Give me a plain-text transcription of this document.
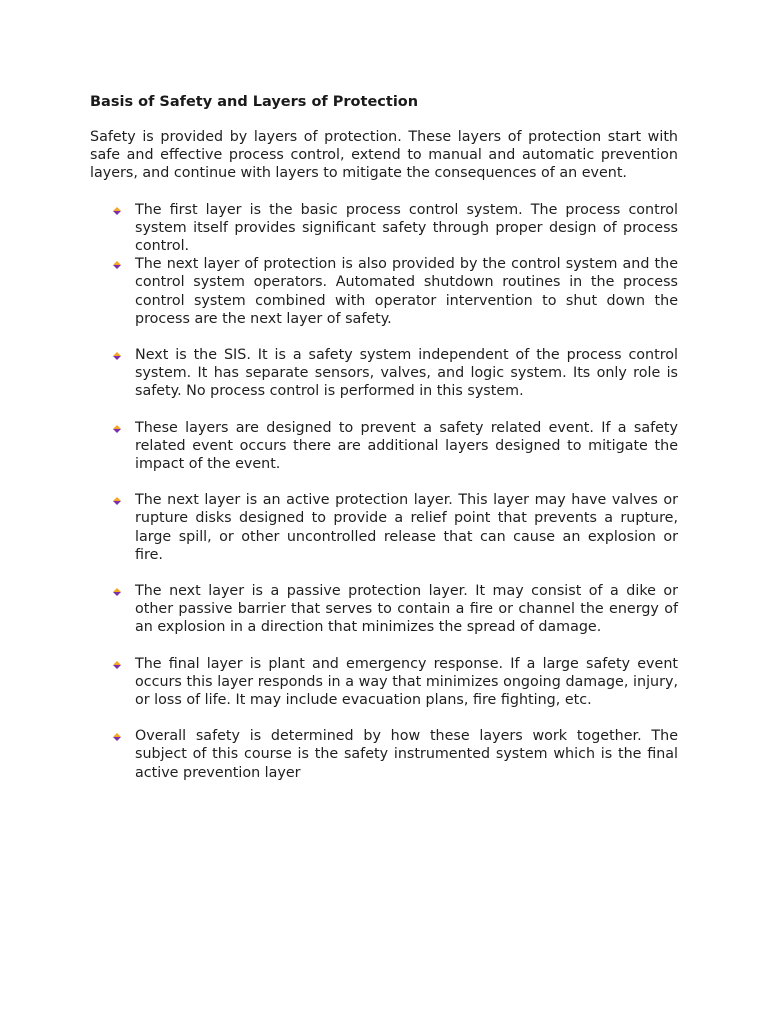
Basis of Safety and Layers of Protection

Safety is provided by layers of protection. These layers of protection start with safe and effective process control, extend to manual and automatic prevention layers, and continue with layers to mitigate the consequences of an event.

The first layer is the basic process control system. The process control system itself provides significant safety through proper design of process control.
The next layer of protection is also provided by the control system and the control system operators. Automated shutdown routines in the process control system combined with operator intervention to shut down the process are the next layer of safety.
Next is the SIS. It is a safety system independent of the process control system. It has separate sensors, valves, and logic system. Its only role is safety. No process control is performed in this system.
These layers are designed to prevent a safety related event. If a safety related event occurs there are additional layers designed to mitigate the impact of the event.
The next layer is an active protection layer. This layer may have valves or rupture disks designed to provide a relief point that prevents a rupture, large spill, or other uncontrolled release that can cause an explosion or fire.
The next layer is a passive protection layer. It may consist of a dike or other passive barrier that serves to contain a fire or channel the energy of an explosion in a direction that minimizes the spread of damage.
The final layer is plant and emergency response. If a large safety event occurs this layer responds in a way that minimizes ongoing damage, injury, or loss of life. It may include evacuation plans, fire fighting, etc.
Overall safety is determined by how these layers work together. The subject of this course is the safety instrumented system which is the final active prevention layer
